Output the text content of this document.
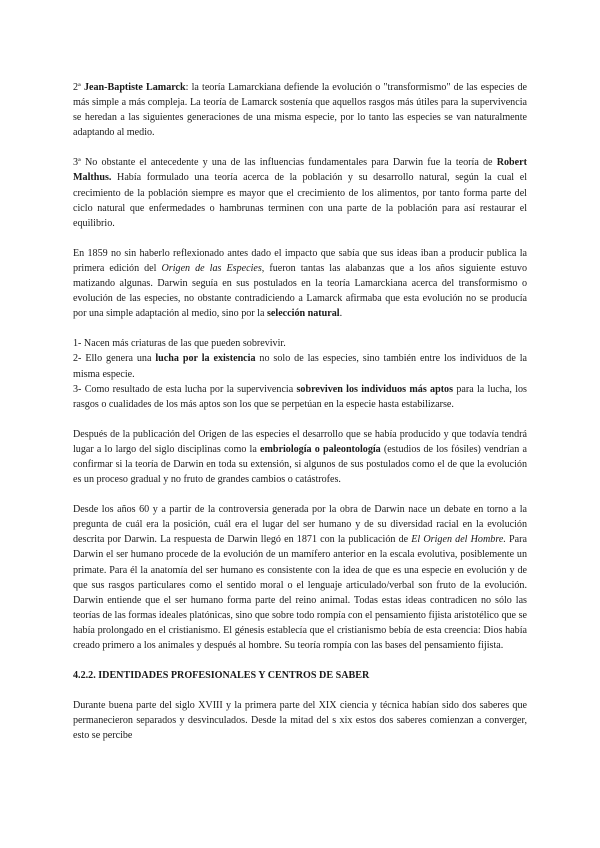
2ª Jean-Baptiste Lamarck: la teoría Lamarckiana defiende la evolución o "transformismo" de las especies de más simple a más compleja. La teoría de Lamarck sostenía que aquellos rasgos más útiles para la supervivencia se heredan a las siguientes generaciones de una misma especie, por lo tanto las especies se van naturalmente adaptando al medio.

3ª No obstante el antecedente y una de las influencias fundamentales para Darwin fue la teoría de Robert Malthus. Había formulado una teoría acerca de la población y su desarrollo natural, según la cual el crecimiento de la población siempre es mayor que el crecimiento de los alimentos, por tanto forma parte del ciclo natural que enfermedades o hambrunas terminen con una parte de la población para así restaurar el equilibrio.

En 1859 no sin haberlo reflexionado antes dado el impacto que sabía que sus ideas iban a producir publica la primera edición del Origen de las Especies, fueron tantas las alabanzas que a los años siguiente estuvo matizando algunas. Darwin seguía en sus postulados en la teoría Lamarckiana acerca del transformismo o evolución de las especies, no obstante contradiciendo a Lamarck afirmaba que esta evolución no se producía por una simple adaptación al medio, sino por la selección natural.

1- Nacen más criaturas de las que pueden sobrevivir.

2- Ello genera una lucha por la existencia no solo de las especies, sino también entre los individuos de la misma especie.

3- Como resultado de esta lucha por la supervivencia sobreviven los individuos más aptos para la lucha, los rasgos o cualidades de los más aptos son los que se perpetúan en la especie hasta estabilizarse.

Después de la publicación del Origen de las especies el desarrollo que se había producido y que todavía tendrá lugar a lo largo del siglo disciplinas como la embriología o paleontología (estudios de los fósiles) vendrían a confirmar si la teoría de Darwin en toda su extensión, si algunos de sus postulados como el de que la evolución es un proceso gradual y no fruto de grandes cambios o catástrofes.

Desde los años 60 y a partir de la controversia generada por la obra de Darwin nace un debate en torno a la pregunta de cuál era la posición, cuál era el lugar del ser humano y de su diversidad racial en la evolución descrita por Darwin. La respuesta de Darwin llegó en 1871 con la publicación de El Origen del Hombre. Para Darwin el ser humano procede de la evolución de un mamífero anterior en la escala evolutiva, posiblemente un primate. Para él la anatomía del ser humano es consistente con la idea de que es una especie en evolución y de que sus rasgos particulares como el sentido moral o el lenguaje articulado/verbal son fruto de la evolución. Darwin entiende que el ser humano forma parte del reino animal. Todas estas ideas contradicen no sólo las teorías de las formas ideales platónicas, sino que sobre todo rompía con el pensamiento fijista aristotélico que se había prolongado en el cristianismo. El génesis establecía que el cristianismo bebía de esta creencia: Dios había creado primero a los animales y después al hombre. Su teoría rompía con las bases del pensamiento fijista.

4.2.2. IDENTIDADES PROFESIONALES Y CENTROS DE SABER

Durante buena parte del siglo XVIII y la primera parte del XIX ciencia y técnica habían sido dos saberes que permanecieron separados y desvinculados. Desde la mitad del s xix estos dos saberes comienzan a converger, esto se percibe
